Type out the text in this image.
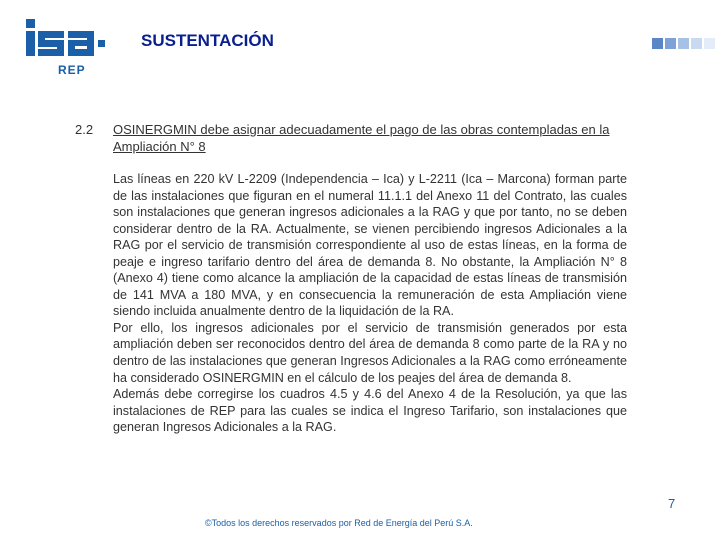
REP
SUSTENTACIÓN
2.2 OSINERGMIN debe asignar adecuadamente el pago de las obras contempladas en la Ampliación N° 8

Las líneas en 220 kV L-2209 (Independencia – Ica) y L-2211 (Ica – Marcona) forman parte de las instalaciones que figuran en el numeral 11.1.1 del Anexo 11 del Contrato, las cuales son instalaciones que generan ingresos adicionales a la RAG y que por tanto, no se deben considerar dentro de la RA. Actualmente, se vienen percibiendo ingresos Adicionales a la RAG por el servicio de transmisión correspondiente al uso de estas líneas, en la forma de peaje e ingreso tarifario dentro del área de demanda 8. No obstante, la Ampliación N° 8 (Anexo 4) tiene como alcance la ampliación de la capacidad de estas líneas de transmisión de 141 MVA a 180 MVA, y en consecuencia la remuneración de esta Ampliación viene siendo incluida anualmente dentro de la liquidación de la RA.

Por ello, los ingresos adicionales por el servicio de transmisión generados por esta ampliación deben ser reconocidos dentro del área de demanda 8 como parte de la RA y no dentro de las instalaciones que generan Ingresos Adicionales a la RAG como erróneamente ha considerado OSINERGMIN en el cálculo de los peajes del área de demanda 8.

Además debe corregirse los cuadros 4.5 y 4.6 del Anexo 4 de la Resolución, ya que las instalaciones de REP para las cuales se indica el Ingreso Tarifario, son instalaciones que generan Ingresos Adicionales a la RAG.

7
©Todos los derechos reservados por Red de Energía del Perú S.A.
